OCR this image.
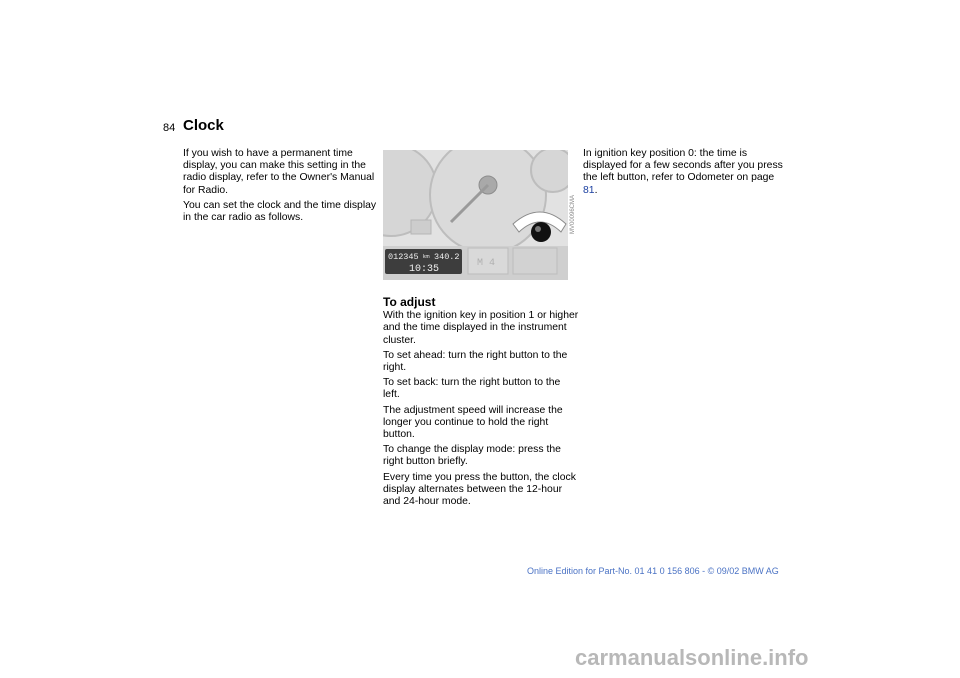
84 Clock

If you wish to have a permanent time display, you can make this setting in the radio display, refer to the Owner's Manual for Radio.

You can set the clock and the time display in the car radio as follows.

012345 km 340.2
10:35
M 4
MV00096CMA
To adjust

With the ignition key in position 1 or higher and the time displayed in the instrument cluster.

To set ahead: turn the right button to the right.

To set back: turn the right button to the left.

The adjustment speed will increase the longer you continue to hold the right button.

To change the display mode: press the right button briefly.

Every time you press the button, the clock display alternates between the 12-hour and 24-hour mode.

In ignition key position 0: the time is displayed for a few seconds after you press the left button, refer to Odometer on page 81.

Online Edition for Part-No. 01 41 0 156 806 - © 09/02 BMW AG
carmanualsonline.info
